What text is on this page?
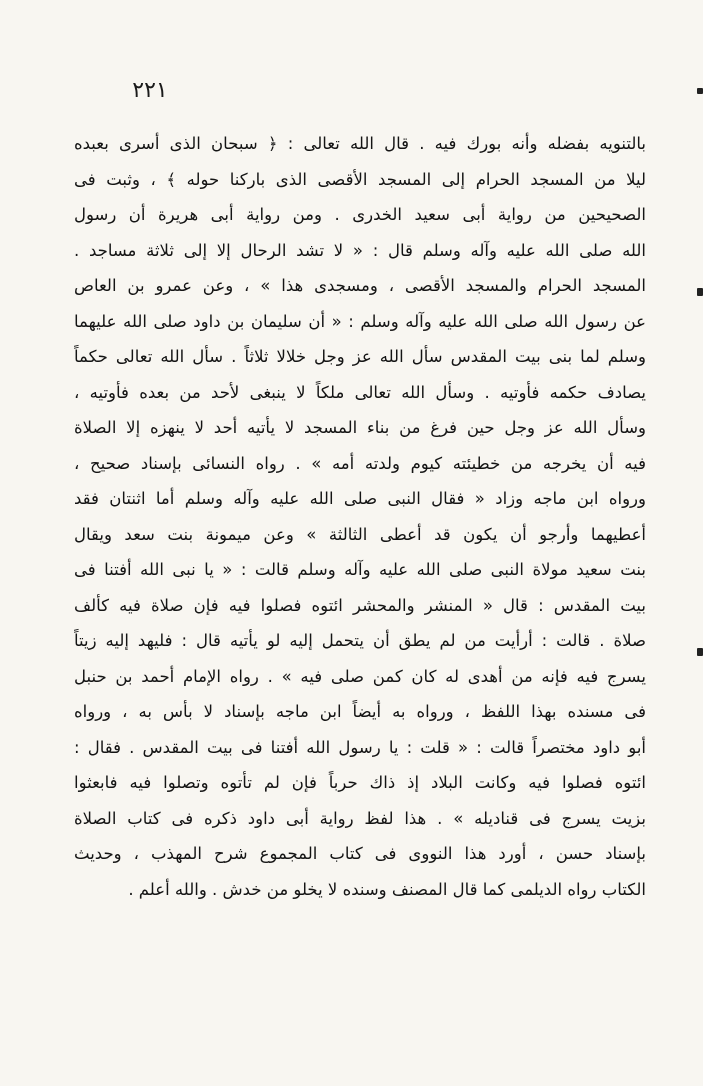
٢٢١
بالتنويه بفضله وأنه بورك فيه . قال الله تعالى : ﴿ سبحان الذى أسرى بعبده
ليلا من المسجد الحرام إلى المسجد الأقصى الذى باركنا حوله ﴾ ، وثبت فى
الصحيحين من رواية أبى سعيد الخدرى . ومن رواية أبى هريرة أن رسول
الله صلى الله عليه وآله وسلم قال : « لا تشد الرحال إلا إلى ثلاثة مساجد .
المسجد الحرام والمسجد الأقصى ، ومسجدى هذا » ، وعن عمرو بن العاص
عن رسول الله صلى الله عليه وآله وسلم : « أن سليمان بن داود صلى الله عليهما
وسلم لما بنى بيت المقدس سأل الله عز وجل خلالا ثلاثاً . سأل الله تعالى حكماً
يصادف حكمه فأوتيه . وسأل الله تعالى ملكاً لا ينبغى لأحد من بعده فأوتيه ،
وسأل الله عز وجل حين فرغ من بناء المسجد لا يأتيه أحد لا ينهزه إلا الصلاة
فيه أن يخرجه من خطيئته كيوم ولدته أمه » . رواه النسائى بإسناد صحيح ،
ورواه ابن ماجه وزاد « فقال النبى صلى الله عليه وآله وسلم أما اثنتان فقد
أعطيهما وأرجو أن يكون قد أعطى الثالثة » وعن ميمونة بنت سعد ويقال
بنت سعيد مولاة النبى صلى الله عليه وآله وسلم قالت : « يا نبى الله أفتنا فى
بيت المقدس : قال « المنشر والمحشر ائتوه فصلوا فيه فإن صلاة فيه كألف
صلاة . قالت : أرأيت من لم يطق أن يتحمل إليه لو يأتيه قال : فليهد إليه زيتاً
يسرج فيه فإنه من أهدى له كان كمن صلى فيه » . رواه الإمام أحمد بن حنبل
فى مسنده بهذا اللفظ ، ورواه به أيضاً ابن ماجه بإسناد لا بأس به ، ورواه
أبو داود مختصراً قالت : « قلت : يا رسول الله أفتنا فى بيت المقدس . فقال :
ائتوه فصلوا فيه وكانت البلاد إذ ذاك حرباً فإن لم تأتوه وتصلوا فيه فابعثوا
بزيت يسرج فى قناديله » . هذا لفظ رواية أبى داود ذكره فى كتاب الصلاة
بإسناد حسن ، أورد هذا النووى فى كتاب المجموع شرح المهذب ، وحديث
الكتاب رواه الديلمى كما قال المصنف وسنده لا يخلو من خدش . والله أعلم .
